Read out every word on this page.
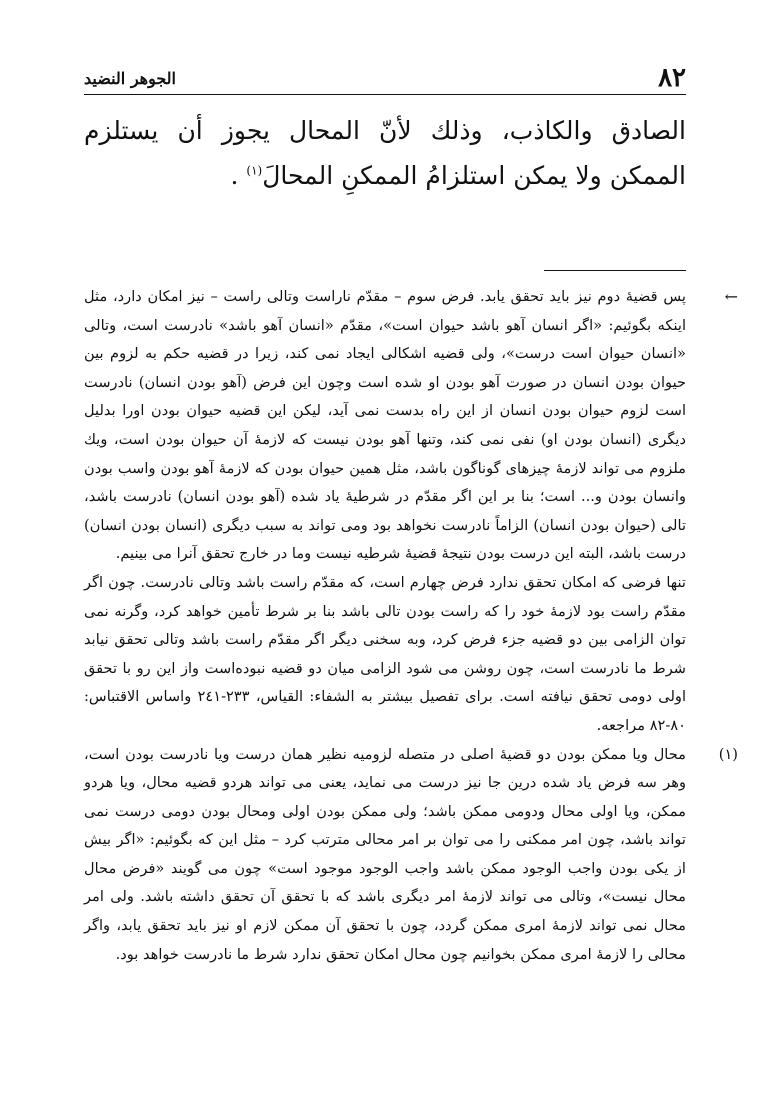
٨٢
الجوهر النضيد
الصادق والكاذب، وذلك لأنّ المحال يجوز أن يستلزم الممكن ولا يمكن استلزامُ الممكنِ المحالَ$^{(١)}$ .
←

پس قضيۀ دوم نيز بايد تحقق يابد. فرض سوم – مقدّم ناراست وتالى راست – نيز امكان دارد، مثل اينكه بگوئيم: «اگر انسان آهو باشد حيوان است»، مقدّم «انسان آهو باشد» نادرست است، وتالى «انسان حيوان است درست»، ولى قضيه اشكالى ايجاد نمى كند، زيرا در قضيه حكم به لزوم بين حيوان بودن انسان در صورت آهو بودن او شده است وچون اين فرض (آهو بودن انسان) نادرست است لزوم حيوان بودن انسان از اين راه بدست نمى آيد، ليكن اين قضيه حيوان بودن اورا بدليل ديگرى (انسان بودن او) نفى نمى كند، وتنها آهو بودن نيست كه لازمۀ آن حيوان بودن است، ويك ملزوم مى تواند لازمۀ چيزهاى گوناگون باشد، مثل همين حيوان بودن كه لازمۀ آهو بودن واسب بودن وانسان بودن و... است؛ بنا بر اين اگر مقدّم در شرطيۀ ياد شده (آهو بودن انسان) نادرست باشد، تالى (حيوان بودن انسان) الزاماً نادرست نخواهد بود ومى تواند به سبب ديگرى (انسان بودن انسان) درست باشد، البته اين درست بودن نتيجۀ قضيۀ شرطيه نيست وما در خارج تحقق آنرا مى بينيم.

تنها فرضى كه امكان تحقق ندارد فرض چهارم است، كه مقدّم راست باشد وتالى نادرست. چون اگر مقدّم راست بود لازمۀ خود را كه راست بودن تالى باشد بنا بر شرط تأمين خواهد كرد، وگرنه نمى توان الزامى بين دو قضيه جزء فرض كرد، وبه سخنى ديگر اگر مقدّم راست باشد وتالى تحقق نيابد شرط ما نادرست است، چون روشن مى شود الزامى ميان دو قضيه نبوده‌است واز اين رو با تحقق اولى دومى تحقق نيافته است. براى تفصيل بيشتر به الشفاء: القياس، ٢٣٣-٢٤١ واساس الاقتباس: ٨٠-٨٢ مراجعه.

(١)

محال ويا ممكن بودن دو قضيۀ اصلى در متصله لزوميه نظير همان درست ويا نادرست بودن است، وهر سه فرض ياد شده درين جا نيز درست مى نمايد، يعنى مى تواند هردو قضيه محال، ويا هردو ممكن، ويا اولى محال ودومى ممكن باشد؛ ولى ممكن بودن اولى ومحال بودن دومى درست نمى تواند باشد، چون امر ممكنى را مى توان بر امر محالى مترتب كرد – مثل اين كه بگوئيم: «اگر بيش از يكى بودن واجب الوجود ممكن باشد واجب الوجود موجود است» چون مى گويند «فرض محال محال نيست»، وتالى مى تواند لازمۀ امر ديگرى باشد كه با تحقق آن تحقق داشته باشد. ولى امر محال نمى تواند لازمۀ امرى ممكن گردد، چون با تحقق آن ممكن لازم او نيز بايد تحقق يابد، واگر محالى را لازمۀ امرى ممكن بخوانيم چون محال امكان تحقق ندارد شرط ما نادرست خواهد بود.
